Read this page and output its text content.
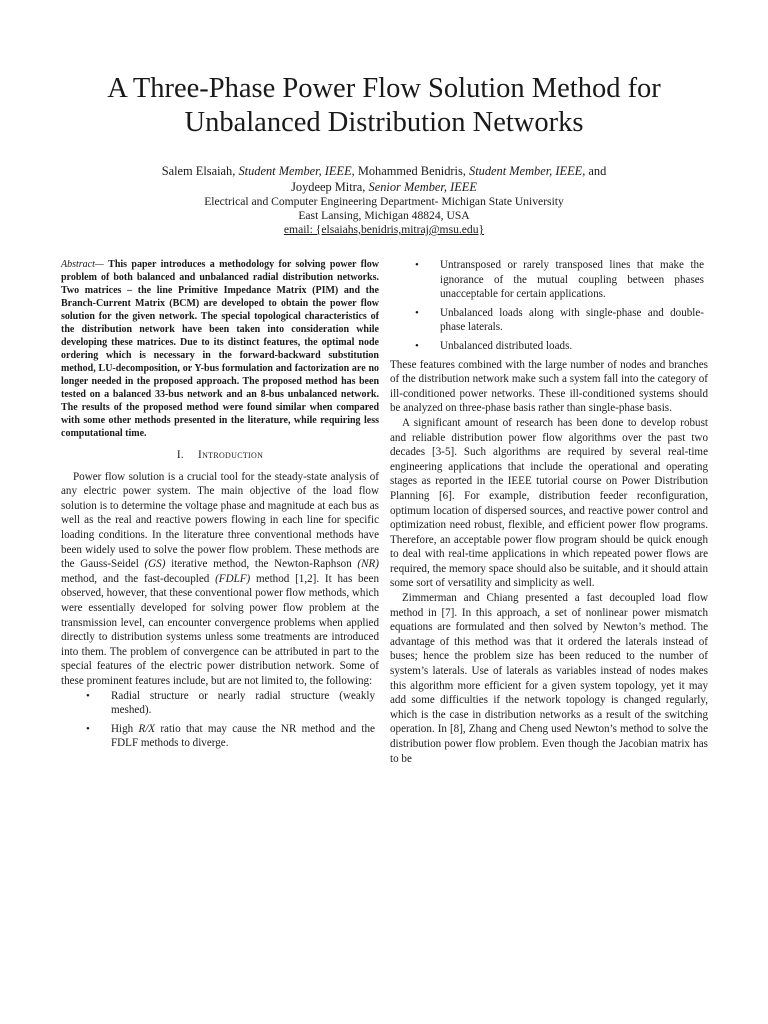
A Three-Phase Power Flow Solution Method for
Unbalanced Distribution Networks
Salem Elsaiah, Student Member, IEEE, Mohammed Benidris, Student Member, IEEE, and
Joydeep Mitra, Senior Member, IEEE
Electrical and Computer Engineering Department- Michigan State University
East Lansing, Michigan 48824, USA
email: {elsaiahs,benidris,mitraj@msu.edu}

Abstract— This paper introduces a methodology for solving power flow problem of both balanced and unbalanced radial distribution networks. Two matrices – the line Primitive Impedance Matrix (PIM) and the Branch-Current Matrix (BCM) are developed to obtain the power flow solution for the given network. The special topological characteristics of the distribution network have been taken into consideration while developing these matrices. Due to its distinct features, the optimal node ordering which is necessary in the forward-backward substitution method, LU-decomposition, or Y-bus formulation and factorization are no longer needed in the proposed approach. The proposed method has been tested on a balanced 33-bus network and an 8-bus unbalanced network. The results of the proposed method were found similar when compared with some other methods presented in the literature, while requiring less computational time.

I. Introduction

Power flow solution is a crucial tool for the steady-state analysis of any electric power system. The main objective of the load flow solution is to determine the voltage phase and magnitude at each bus as well as the real and reactive powers flowing in each line for specific loading conditions. In the literature three conventional methods have been widely used to solve the power flow problem. These methods are the Gauss-Seidel (GS) iterative method, the Newton-Raphson (NR) method, and the fast-decoupled (FDLF) method [1,2]. It has been observed, however, that these conventional power flow methods, which were essentially developed for solving power flow problem at the transmission level, can encounter convergence problems when applied directly to distribution systems unless some treatments are introduced into them. The problem of convergence can be attributed in part to the special features of the electric power distribution network. Some of these prominent features include, but are not limited to, the following:

• Radial structure or nearly radial structure (weakly meshed).
• High R/X ratio that may cause the NR method and the FDLF methods to diverge.
• Untransposed or rarely transposed lines that make the ignorance of the mutual coupling between phases unacceptable for certain applications.
• Unbalanced loads along with single-phase and double-phase laterals.
• Unbalanced distributed loads.

These features combined with the large number of nodes and branches of the distribution network make such a system fall into the category of ill-conditioned power networks. These ill-conditioned systems should be analyzed on three-phase basis rather than single-phase basis.

A significant amount of research has been done to develop robust and reliable distribution power flow algorithms over the past two decades [3-5]. Such algorithms are required by several real-time engineering applications that include the operational and operating stages as reported in the IEEE tutorial course on Power Distribution Planning [6]. For example, distribution feeder reconfiguration, optimum location of dispersed sources, and reactive power control and optimization need robust, flexible, and efficient power flow programs. Therefore, an acceptable power flow program should be quick enough to deal with real-time applications in which repeated power flows are required, the memory space should also be suitable, and it should attain some sort of versatility and simplicity as well.

Zimmerman and Chiang presented a fast decoupled load flow method in [7]. In this approach, a set of nonlinear power mismatch equations are formulated and then solved by Newton’s method. The advantage of this method was that it ordered the laterals instead of buses; hence the problem size has been reduced to the number of system’s laterals. Use of laterals as variables instead of nodes makes this algorithm more efficient for a given system topology, yet it may add some difficulties if the network topology is changed regularly, which is the case in distribution networks as a result of the switching operation. In [8], Zhang and Cheng used Newton’s method to solve the distribution power flow problem. Even though the Jacobian matrix has to be
